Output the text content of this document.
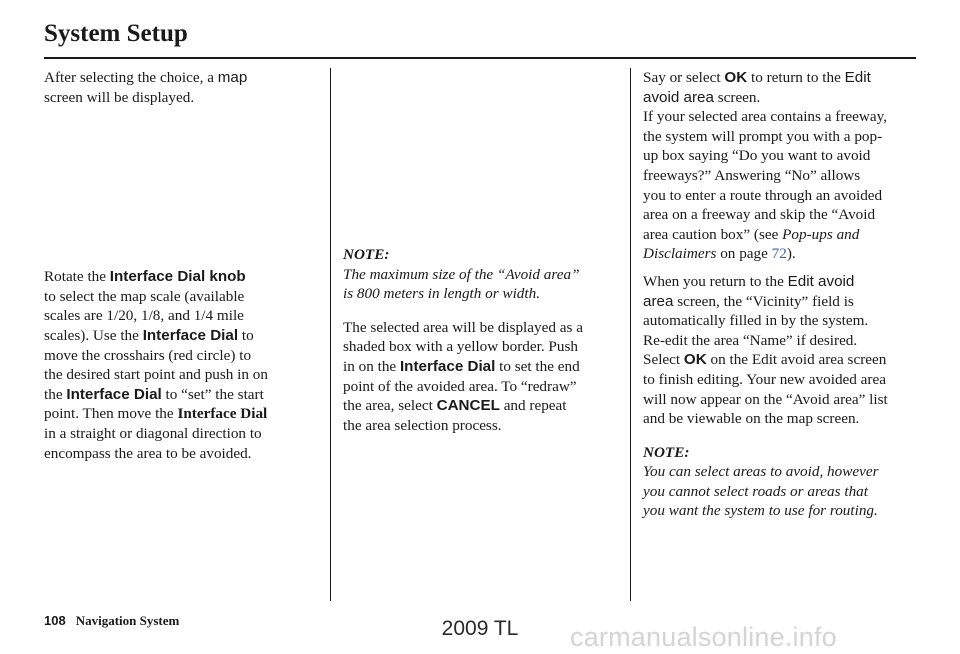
System Setup

After selecting the choice, a map
screen will be displayed.

Rotate the Interface Dial knob
to select the map scale (available
scales are 1/20, 1/8, and 1/4 mile
scales). Use the Interface Dial to
move the crosshairs (red circle) to
the desired start point and push in on
the Interface Dial to “set” the start
point. Then move the Interface Dial
in a straight or diagonal direction to
encompass the area to be avoided.

NOTE:
The maximum size of the “Avoid area”
is 800 meters in length or width.

The selected area will be displayed as a
shaded box with a yellow border. Push
in on the Interface Dial to set the end
point of the avoided area. To “redraw”
the area, select CANCEL and repeat
the area selection process.

Say or select OK to return to the Edit
avoid area screen.
If your selected area contains a freeway,
the system will prompt you with a pop-
up box saying “Do you want to avoid
freeways?” Answering “No” allows
you to enter a route through an avoided
area on a freeway and skip the “Avoid
area caution box” (see Pop-ups and
Disclaimers on page 72).

When you return to the Edit avoid
area screen, the “Vicinity” field is
automatically filled in by the system.
Re-edit the area “Name” if desired.
Select OK on the Edit avoid area screen
to finish editing. Your new avoided area
will now appear on the “Avoid area” list
and be viewable on the map screen.

NOTE:
You can select areas to avoid, however
you cannot select roads or areas that
you want the system to use for routing.

108 Navigation System	2009 TL	carmanualsonline.info
